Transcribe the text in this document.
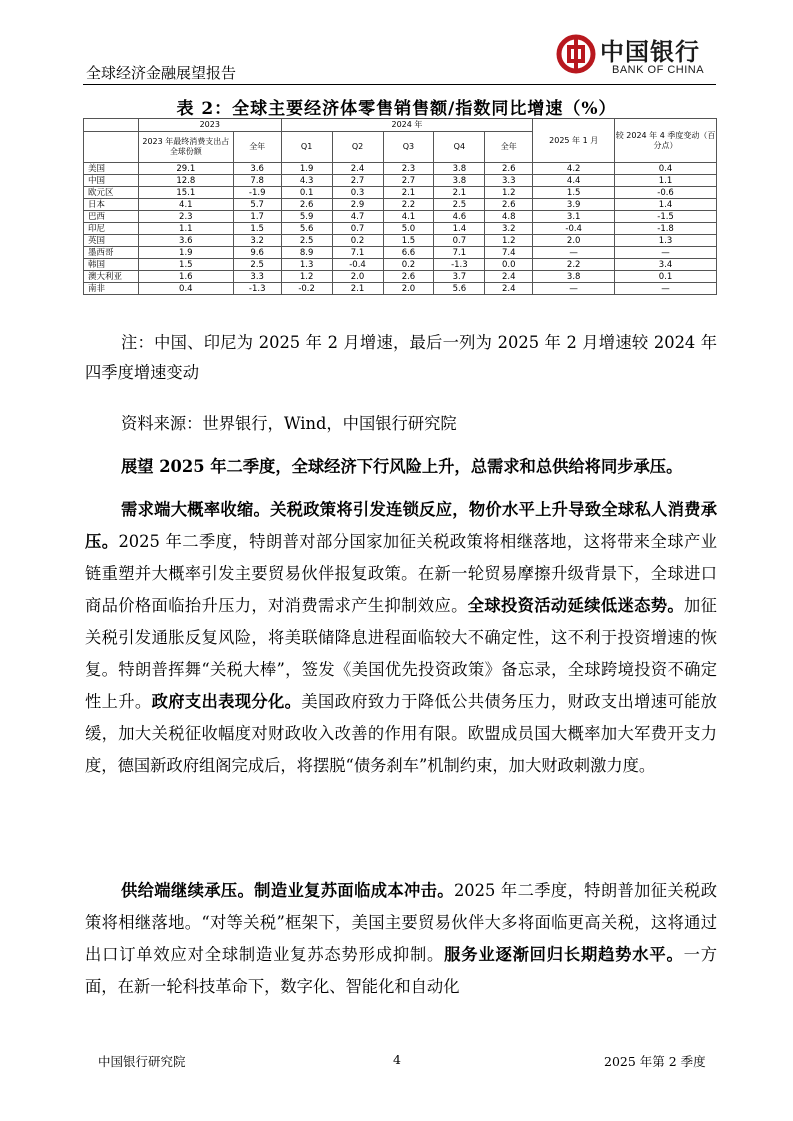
全球经济金融展望报告
中国银行
BANK OF CHINA
表 2：全球主要经济体零售销售额/指数同比增速（%）
	2023		2024 年					2025 年 1 月	较 2024 年 4 季度变动（百分点）
	2023 年最终消费支出占全球份额	全年	Q1	Q2	Q3	Q4	全年		
美国	29.1	3.6	1.9	2.4	2.3	3.8	2.6	4.2	0.4
中国	12.8	7.8	4.3	2.7	2.7	3.8	3.3	4.4	1.1
欧元区	15.1	-1.9	0.1	0.3	2.1	2.1	1.2	1.5	-0.6
日本	4.1	5.7	2.6	2.9	2.2	2.5	2.6	3.9	1.4
巴西	2.3	1.7	5.9	4.7	4.1	4.6	4.8	3.1	-1.5
印尼	1.1	1.5	5.6	0.7	5.0	1.4	3.2	-0.4	-1.8
英国	3.6	3.2	2.5	0.2	1.5	0.7	1.2	2.0	1.3
墨西哥	1.9	9.6	8.9	7.1	6.6	7.1	7.4	—	—
韩国	1.5	2.5	1.3	-0.4	0.2	-1.3	0.0	2.2	3.4
澳大利亚	1.6	3.3	1.2	2.0	2.6	3.7	2.4	3.8	0.1
南非	0.4	-1.3	-0.2	2.1	2.0	5.6	2.4	—	—
注：中国、印尼为 2025 年 2 月增速，最后一列为 2025 年 2 月增速较 2024 年四季度增速变动
资料来源：世界银行，Wind，中国银行研究院
展望 2025 年二季度，全球经济下行风险上升，总需求和总供给将同步承压。
需求端大概率收缩。关税政策将引发连锁反应，物价水平上升导致全球私人消费承压。2025 年二季度，特朗普对部分国家加征关税政策将相继落地，这将带来全球产业链重塑并大概率引发主要贸易伙伴报复政策。在新一轮贸易摩擦升级背景下，全球进口商品价格面临抬升压力，对消费需求产生抑制效应。全球投资活动延续低迷态势。加征关税引发通胀反复风险，将美联储降息进程面临较大不确定性，这不利于投资增速的恢复。特朗普挥舞“关税大棒”，签发《美国优先投资政策》备忘录，全球跨境投资不确定性上升。政府支出表现分化。美国政府致力于降低公共债务压力，财政支出增速可能放缓，加大关税征收幅度对财政收入改善的作用有限。欧盟成员国大概率加大军费开支力度，德国新政府组阁完成后，将摆脱“债务刹车”机制约束，加大财政刺激力度。
供给端继续承压。制造业复苏面临成本冲击。2025 年二季度，特朗普加征关税政策将相继落地。“对等关税”框架下，美国主要贸易伙伴大多将面临更高关税，这将通过出口订单效应对全球制造业复苏态势形成抑制。服务业逐渐回归长期趋势水平。一方面，在新一轮科技革命下，数字化、智能化和自动化
中国银行研究院	4	2025 年第 2 季度
